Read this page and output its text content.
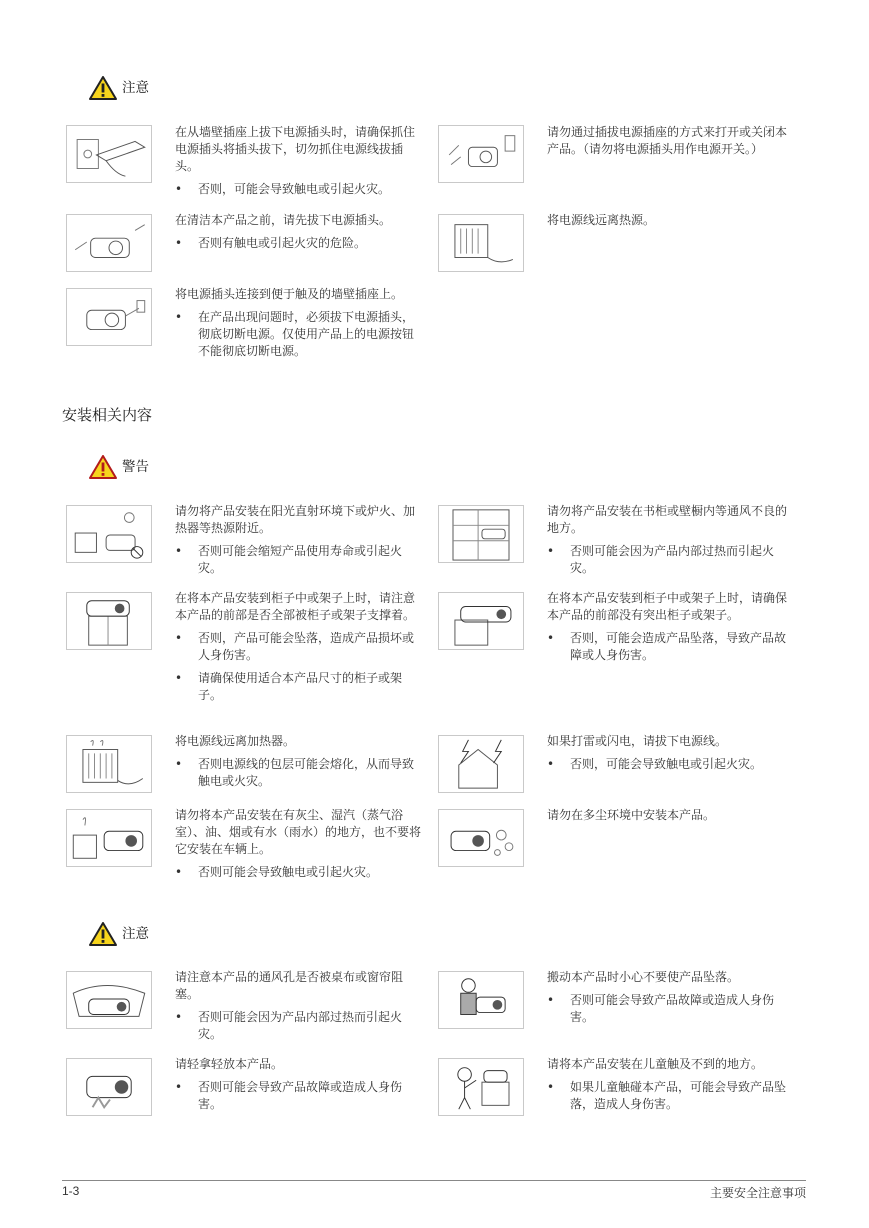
注意

在从墙壁插座上拔下电源插头时，请确保抓住电源插头将插头拔下，切勿抓住电源线拔插头。

• 否则，可能会导致触电或引起火灾。

请勿通过插拔电源插座的方式来打开或关闭本产品。（请勿将电源插头用作电源开关。）

在清洁本产品之前，请先拔下电源插头。

• 否则有触电或引起火灾的危险。

将电源线远离热源。

将电源插头连接到便于触及的墙壁插座上。

• 在产品出现问题时，必须拔下电源插头，彻底切断电源。仅使用产品上的电源按钮不能彻底切断电源。
安装相关内容
警告

请勿将产品安装在阳光直射环境下或炉火、加热器等热源附近。

• 否则可能会缩短产品使用寿命或引起火灾。

请勿将产品安装在书柜或壁橱内等通风不良的地方。

• 否则可能会因为产品内部过热而引起火灾。

在将本产品安装到柜子中或架子上时，请注意本产品的前部是否全部被柜子或架子支撑着。

• 否则，产品可能会坠落，造成产品损坏或人身伤害。
• 请确保使用适合本产品尺寸的柜子或架子。

在将本产品安装到柜子中或架子上时，请确保本产品的前部没有突出柜子或架子。

• 否则，可能会造成产品坠落，导致产品故障或人身伤害。

将电源线远离加热器。

• 否则电源线的包层可能会熔化，从而导致触电或火灾。

如果打雷或闪电，请拔下电源线。

• 否则，可能会导致触电或引起火灾。

请勿将本产品安装在有灰尘、湿汽（蒸气浴室）、油、烟或有水（雨水）的地方，也不要将它安装在车辆上。

• 否则可能会导致触电或引起火灾。

请勿在多尘环境中安装本产品。

注意

请注意本产品的通风孔是否被桌布或窗帘阻塞。

• 否则可能会因为产品内部过热而引起火灾。

搬动本产品时小心不要使产品坠落。

• 否则可能会导致产品故障或造成人身伤害。

请轻拿轻放本产品。

• 否则可能会导致产品故障或造成人身伤害。

请将本产品安装在儿童触及不到的地方。

• 如果儿童触碰本产品，可能会导致产品坠落，造成人身伤害。
1-3	主要安全注意事项
